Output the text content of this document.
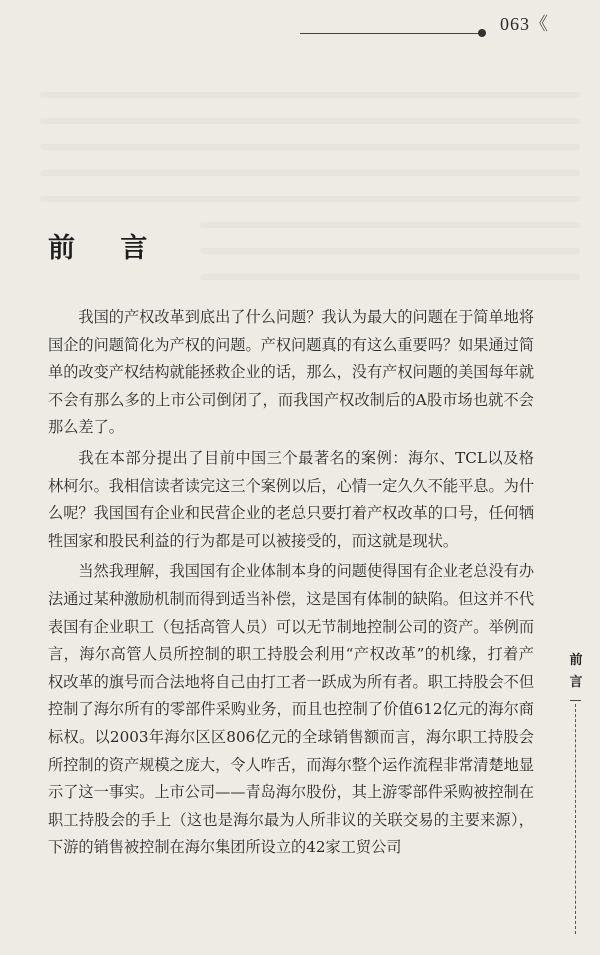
063《
前 言

我国的产权改革到底出了什么问题？我认为最大的问题在于简单地将国企的问题简化为产权的问题。产权问题真的有这么重要吗？如果通过简单的改变产权结构就能拯救企业的话，那么，没有产权问题的美国每年就不会有那么多的上市公司倒闭了，而我国产权改制后的A股市场也就不会那么差了。

我在本部分提出了目前中国三个最著名的案例：海尔、TCL以及格林柯尔。我相信读者读完这三个案例以后，心情一定久久不能平息。为什么呢？我国国有企业和民营企业的老总只要打着产权改革的口号，任何牺牲国家和股民利益的行为都是可以被接受的，而这就是现状。

当然我理解，我国国有企业体制本身的问题使得国有企业老总没有办法通过某种激励机制而得到适当补偿，这是国有体制的缺陷。但这并不代表国有企业职工（包括高管人员）可以无节制地控制公司的资产。举例而言，海尔高管人员所控制的职工持股会利用“产权改革”的机缘，打着产权改革的旗号而合法地将自己由打工者一跃成为所有者。职工持股会不但控制了海尔所有的零部件采购业务，而且也控制了价值612亿元的海尔商标权。以2003年海尔区区806亿元的全球销售额而言，海尔职工持股会所控制的资产规模之庞大，令人咋舌，而海尔整个运作流程非常清楚地显示了这一事实。上市公司——青岛海尔股份，其上游零部件采购被控制在职工持股会的手上（这也是海尔最为人所非议的关联交易的主要来源），下游的销售被控制在海尔集团所设立的42家工贸公司

前言
